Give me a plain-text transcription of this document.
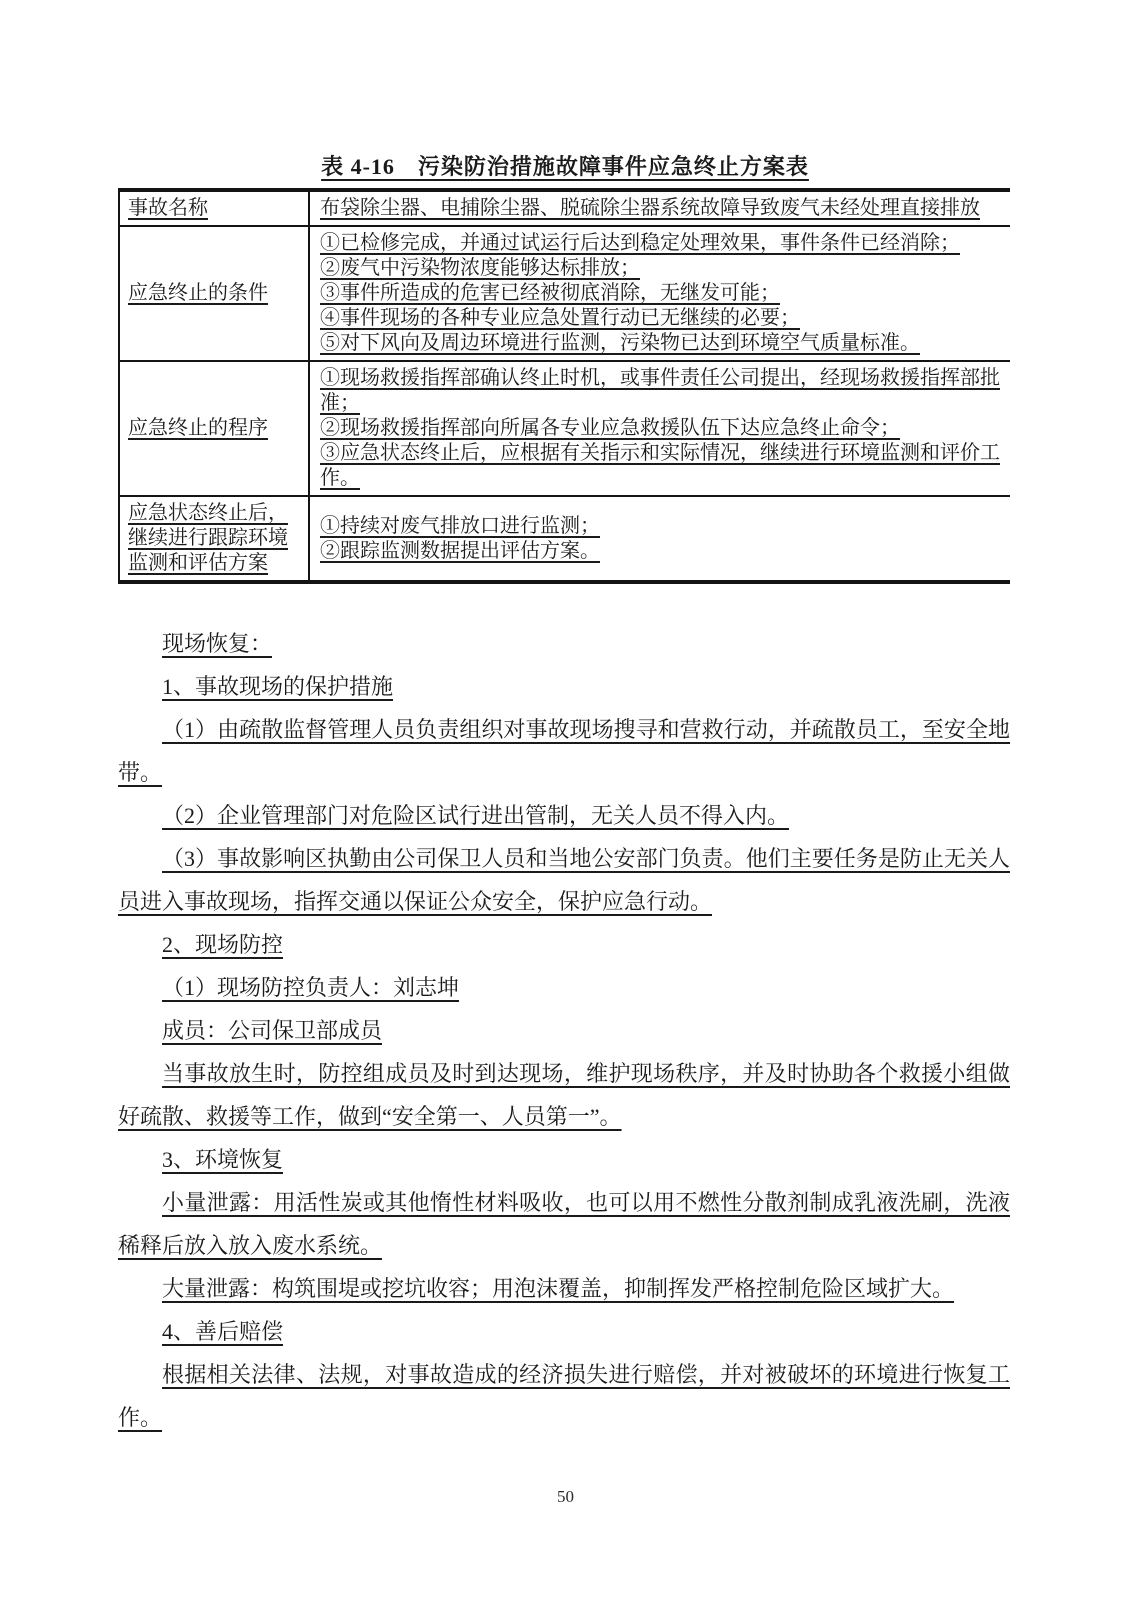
表 4-16　污染防治措施故障事件应急终止方案表
事故名称	布袋除尘器、电捕除尘器、脱硫除尘器系统故障导致废气未经处理直接排放

应急终止的条件	①已检修完成，并通过试运行后达到稳定处理效果，事件条件已经消除；
②废气中污染物浓度能够达标排放；
③事件所造成的危害已经被彻底消除，无继发可能；
④事件现场的各种专业应急处置行动已无继续的必要；
⑤对下风向及周边环境进行监测，污染物已达到环境空气质量标准。

应急终止的程序	①现场救援指挥部确认终止时机，或事件责任公司提出，经现场救援指挥部批准；
②现场救援指挥部向所属各专业应急救援队伍下达应急终止命令；
③应急状态终止后，应根据有关指示和实际情况，继续进行环境监测和评价工作。

应急状态终止后，继续进行跟踪环境监测和评估方案	①持续对废气排放口进行监测；
②跟踪监测数据提出评估方案。

现场恢复：

1、事故现场的保护措施

（1）由疏散监督管理人员负责组织对事故现场搜寻和营救行动，并疏散员工，至安全地带。

（2）企业管理部门对危险区试行进出管制，无关人员不得入内。

（3）事故影响区执勤由公司保卫人员和当地公安部门负责。他们主要任务是防止无关人员进入事故现场，指挥交通以保证公众安全，保护应急行动。

2、现场防控

（1）现场防控负责人：刘志坤

成员：公司保卫部成员

当事故放生时，防控组成员及时到达现场，维护现场秩序，并及时协助各个救援小组做好疏散、救援等工作，做到“安全第一、人员第一”。

3、环境恢复

小量泄露：用活性炭或其他惰性材料吸收，也可以用不燃性分散剂制成乳液洗刷，洗液稀释后放入放入废水系统。

大量泄露：构筑围堤或挖坑收容；用泡沫覆盖，抑制挥发严格控制危险区域扩大。

4、善后赔偿

根据相关法律、法规，对事故造成的经济损失进行赔偿，并对被破坏的环境进行恢复工作。

50
